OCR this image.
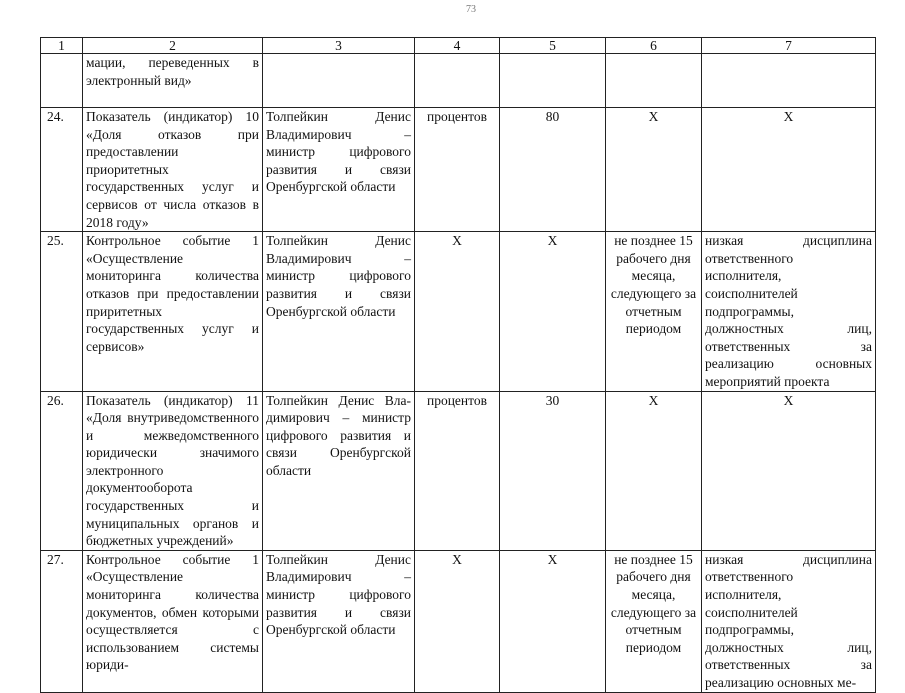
73
1	2	3	4	5	6	7
	мации, переведенных в электронный вид»					
24.	Показатель (индикатор) 10 «Доля отказов при предоставлении приоритетных государственных услуг и сервисов от числа отказов в 2018 году»	Толпейкин Денис Владимирович – министр цифрового развития и связи Оренбургской области	процентов	80	Х	Х
25.	Контрольное событие 1 «Осуществление мониторинга количества отказов при предоставлении приритетных государственных услуг и сервисов»	Толпейкин Денис Владимирович – министр цифрового развития и связи Оренбургской области	Х	Х	не позднее 15 рабочего дня месяца, следующего за отчетным периодом	низкая дисциплина ответственного исполнителя, соисполнителей подпрограммы, должностных лиц, ответственных за реализацию основных мероприятий проекта
26.	Показатель (индикатор) 11 «Доля внутриведомственного и межведомственного юридически значимого электронного документооборота государственных и муниципальных органов и бюджетных учреждений»	Толпейкин Денис Вла-димирович – министр цифрового развития и связи Оренбургской области	процентов	30	Х	Х
27.	Контрольное событие 1 «Осуществление мониторинга количества документов, обмен которыми осуществляется с использованием системы юриди-	Толпейкин Денис Владимирович – министр цифрового развития и связи Оренбургской области	Х	Х	не позднее 15 рабочего дня месяца, следующего за отчетным периодом	низкая дисциплина ответственного исполнителя, соисполнителей подпрограммы, должностных лиц, ответственных за реализацию основных ме-
